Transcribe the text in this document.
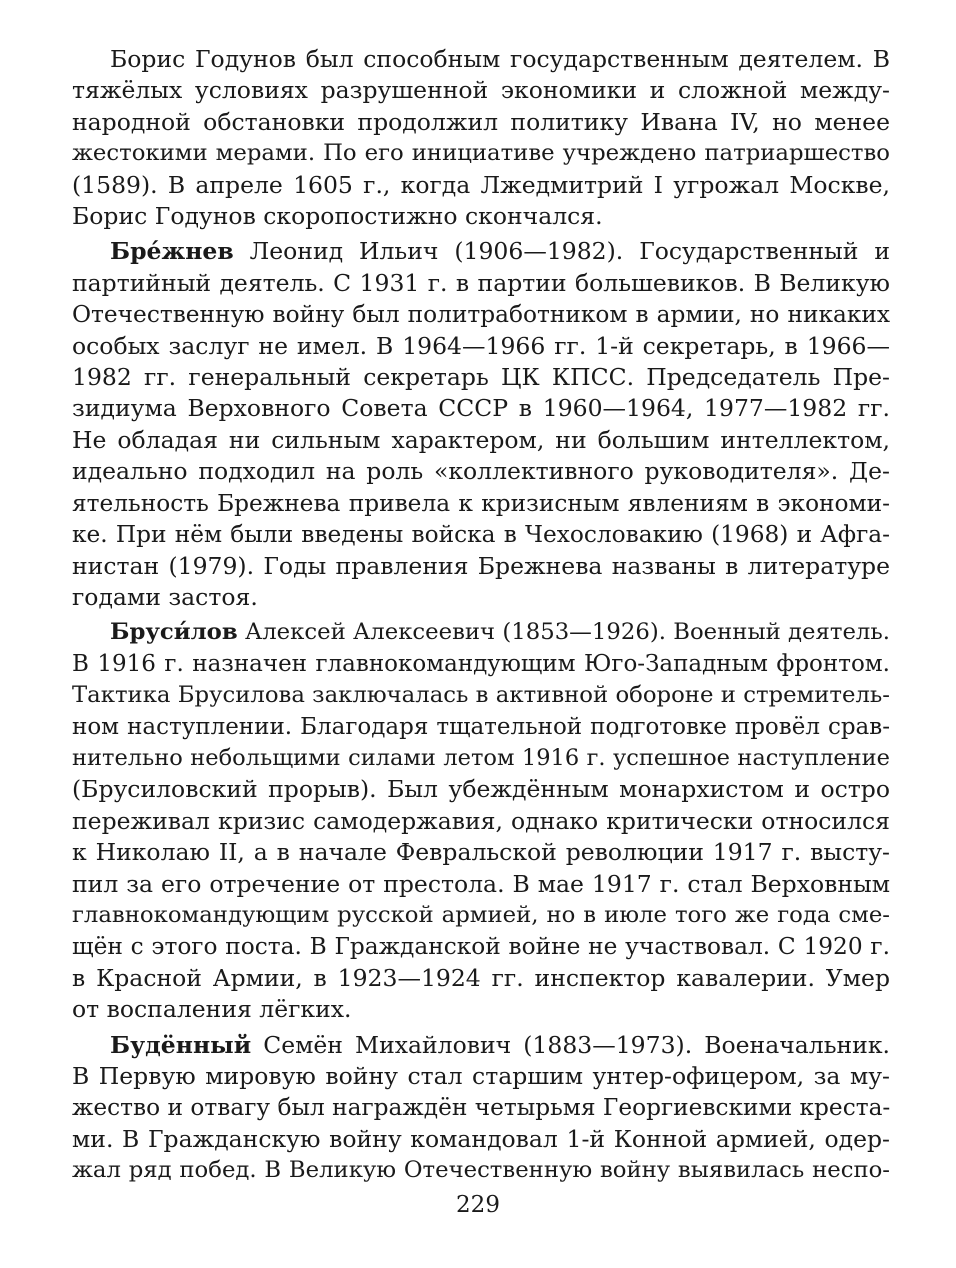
Борис Годунов был способным государственным деятелем. В
тяжёлых условиях разрушенной экономики и сложной между-
народной обстановки продолжил политику Ивана IV, но менее
жестокими мерами. По его инициативе учреждено патриаршество
(1589). В апреле 1605 г., когда Лжедмитрий I угрожал Москве,
Борис Годунов скоропостижно скончался.
Бре́жнев Леонид Ильич (1906—1982). Государственный и
партийный деятель. С 1931 г. в партии большевиков. В Великую
Отечественную войну был политработником в армии, но никаких
особых заслуг не имел. В 1964—1966 гг. 1-й секретарь, в 1966—
1982 гг. генеральный секретарь ЦК КПСС. Председатель Пре-
зидиума Верховного Совета СССР в 1960—1964, 1977—1982 гг.
Не обладая ни сильным характером, ни большим интеллектом,
идеально подходил на роль «коллективного руководителя». Де-
ятельность Брежнева привела к кризисным явлениям в экономи-
ке. При нём были введены войска в Чехословакию (1968) и Афга-
нистан (1979). Годы правления Брежнева названы в литературе
годами застоя.
Бруси́лов Алексей Алексеевич (1853—1926). Военный деятель.
В 1916 г. назначен главнокомандующим Юго-Западным фронтом.
Тактика Брусилова заключалась в активной обороне и стремитель-
ном наступлении. Благодаря тщательной подготовке провёл срав-
нительно небольщими силами летом 1916 г. успешное наступление
(Брусиловский прорыв). Был убеждённым монархистом и остро
переживал кризис самодержавия, однако критически относился
к Николаю II, а в начале Февральской революции 1917 г. высту-
пил за его отречение от престола. В мае 1917 г. стал Верховным
главнокомандующим русской армией, но в июле того же года сме-
щён с этого поста. В Гражданской войне не участвовал. С 1920 г.
в Красной Армии, в 1923—1924 гг. инспектор кавалерии. Умер
от воспаления лёгких.
Будённый Семён Михайлович (1883—1973). Военачальник.
В Первую мировую войну стал старшим унтер-офицером, за му-
жество и отвагу был награждён четырьмя Георгиевскими креста-
ми. В Гражданскую войну командовал 1-й Конной армией, одер-
жал ряд побед. В Великую Отечественную войну выявилась неспо-
229
